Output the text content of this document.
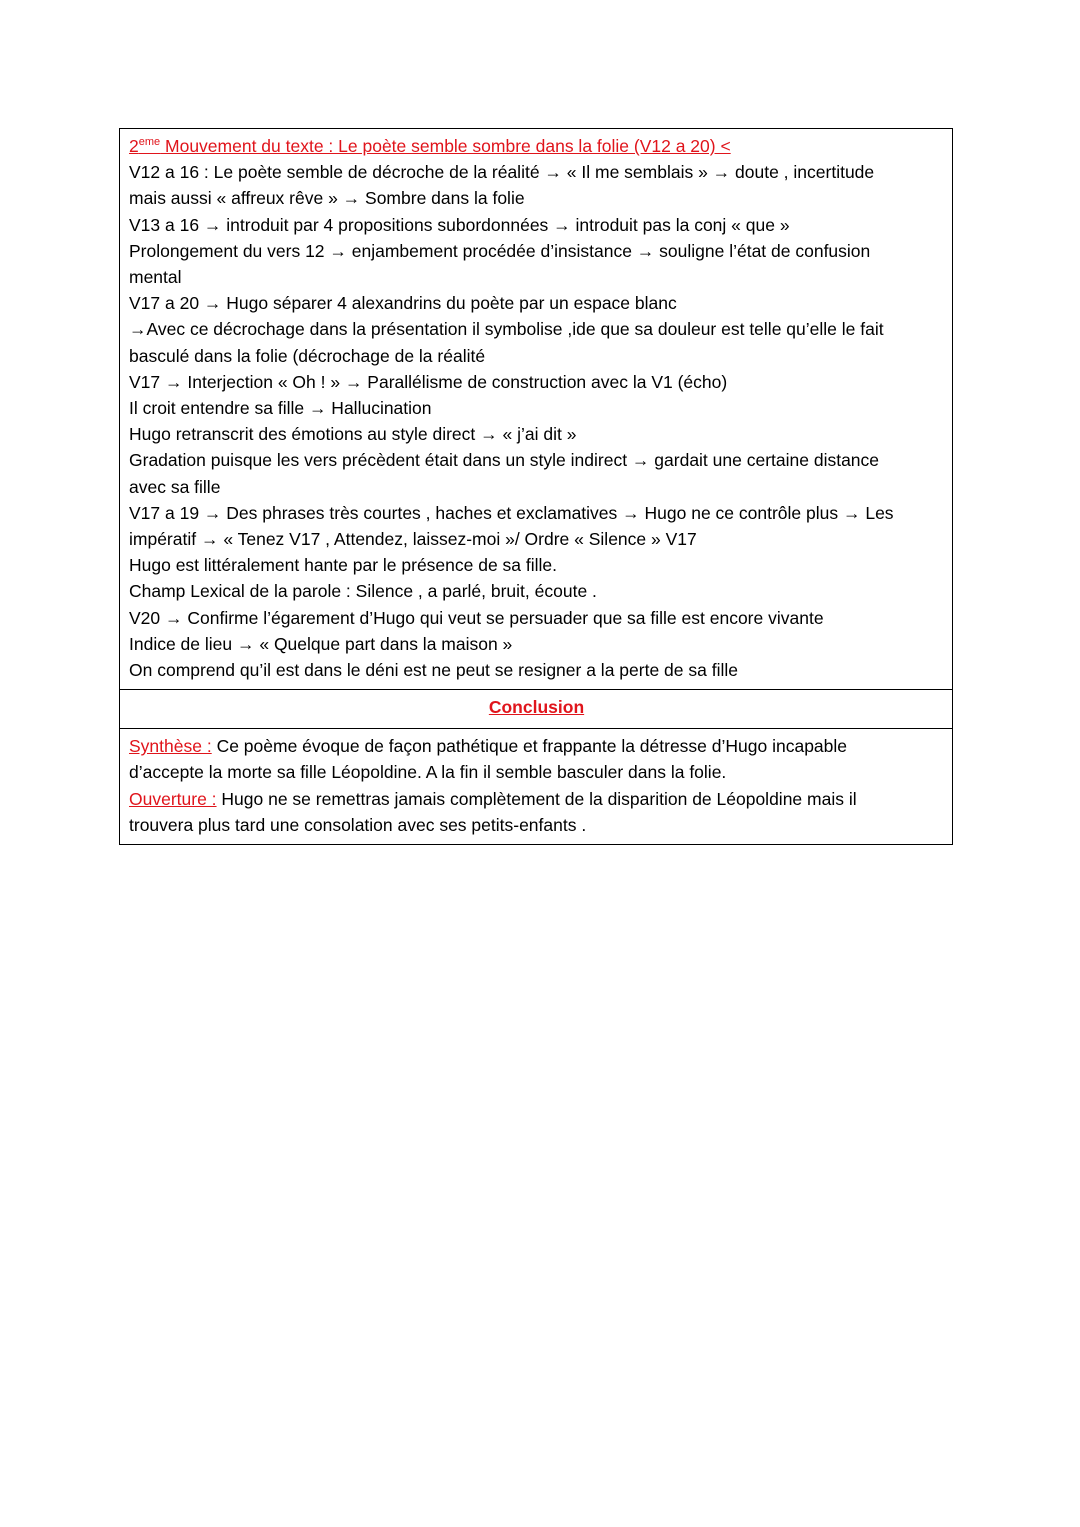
2eme Mouvement du texte : Le poète semble sombre dans la folie (V12 a 20) <
V12 a 16 : Le poète semble de décroche de la réalité → « Il me semblais » → doute , incertitude
mais aussi « affreux rêve » → Sombre dans la folie
V13 a 16 → introduit par 4 propositions subordonnées → introduit pas la conj « que »
Prolongement du vers 12 → enjambement procédée d’insistance → souligne l’état de confusion
mental
V17 a 20 → Hugo séparer 4 alexandrins du poète par un espace blanc
→Avec ce décrochage dans la présentation il symbolise ,ide que sa douleur est telle qu’elle le fait
basculé dans la folie (décrochage de la réalité
V17 → Interjection « Oh ! » → Parallélisme de construction avec la V1 (écho)
Il croit entendre sa fille → Hallucination
Hugo retranscrit des émotions au style direct → « j’ai dit »
Gradation puisque les vers précèdent était dans un style indirect → gardait une certaine distance
avec sa fille
V17 a 19 → Des phrases très courtes , haches et exclamatives → Hugo ne ce contrôle plus → Les
impératif → « Tenez V17 , Attendez, laissez-moi »/ Ordre « Silence » V17
Hugo est littéralement hante par le présence de sa fille.
Champ Lexical de la parole : Silence , a parlé, bruit, écoute .
V20 → Confirme l’égarement d’Hugo qui veut se persuader que sa fille est encore vivante
Indice de lieu → « Quelque part dans la maison »
On comprend qu’il est dans le déni est ne peut se resigner a la perte de sa fille
Conclusion
Synthèse : Ce poème évoque de façon pathétique et frappante la détresse d’Hugo incapable
d’accepte la morte sa fille Léopoldine. A la fin il semble basculer dans la folie.
Ouverture : Hugo ne se remettras jamais complètement de la disparition de Léopoldine mais il
trouvera plus tard une consolation avec ses petits-enfants .
